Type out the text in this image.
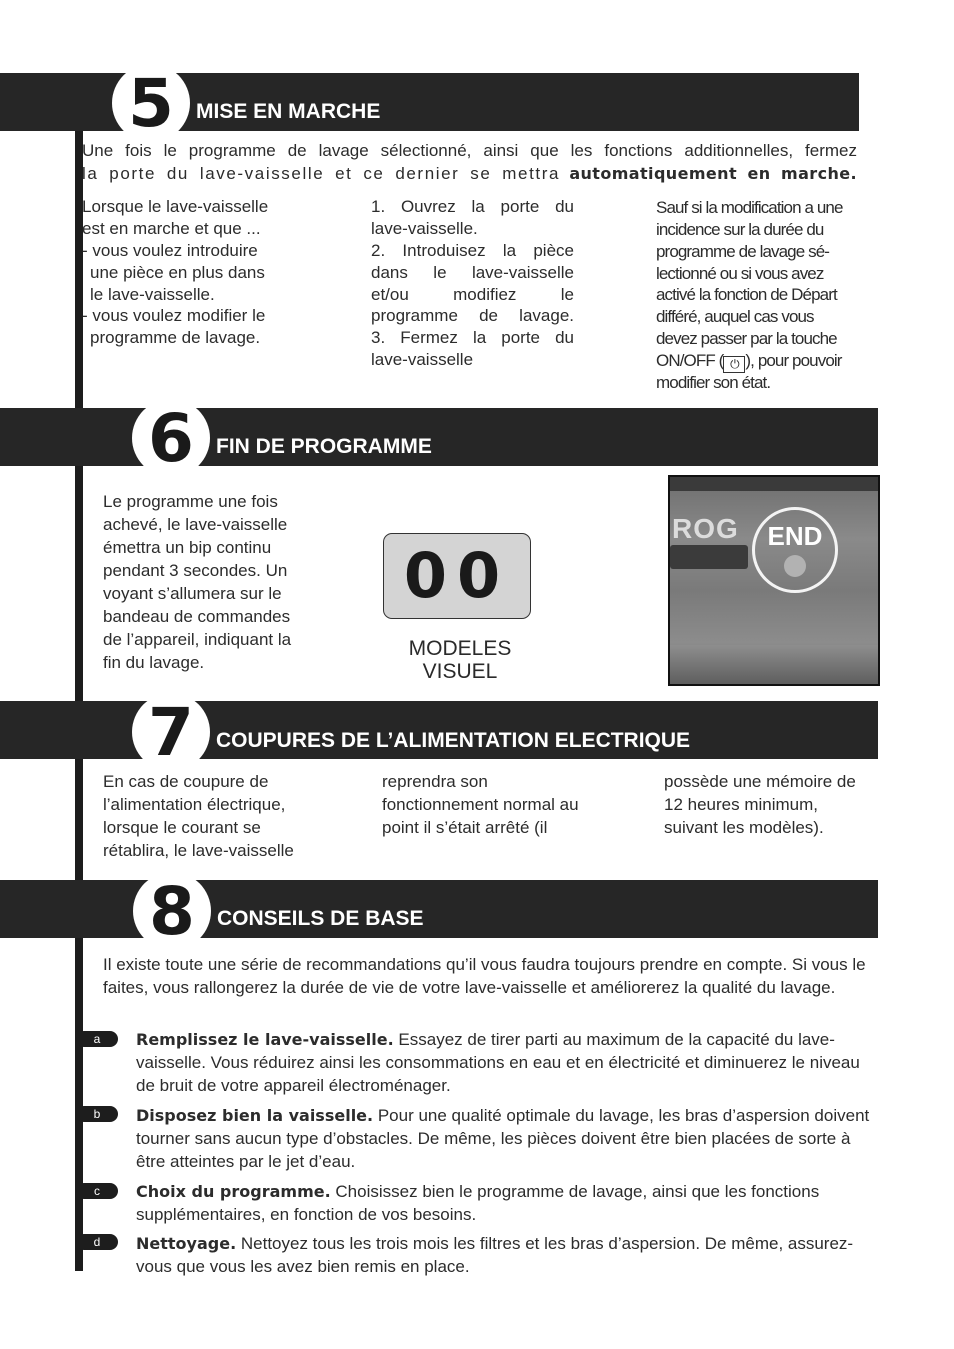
5	MISE EN MARCHE
Une fois le programme de lavage sélectionné, ainsi que les fonctions additionnelles, fermez
la porte du lave-vaisselle et ce dernier se mettra automatiquement en marche.
Lorsque le lave-vaisselle
est en marche et que ...
- vous voulez introduire
une pièce en plus dans
le lave-vaisselle.
- vous voulez modifier le
programme de lavage.
1. Ouvrez la porte du
lave-vaisselle.
2. Introduisez la pièce
dans le lave-vaisselle
et/ou modifiez le
programme de lavage.
3. Fermez la porte du
lave-vaisselle
Sauf si la modification a une
incidence sur la durée du
programme de lavage sé-
lectionné ou si vous avez
activé la fonction de Départ
différé, auquel cas vous
devez passer par la touche
ON/OFF ( ⏻ ), pour pouvoir
modifier son état.
6	FIN DE PROGRAMME
Le programme une fois
achevé, le lave-vaisselle
émettra un bip continu
pendant 3 secondes. Un
voyant s’allumera sur le
bandeau de commandes
de l’appareil, indiquant la
fin du lavage.
00
MODELES
VISUEL
ROG	END
7	COUPURES DE L’ALIMENTATION ELECTRIQUE
En cas de coupure de
l’alimentation électrique,
lorsque le courant se
rétablira, le lave-vaisselle
reprendra son
fonctionnement normal au
point il s’était arrêté (il
possède une mémoire de
12 heures minimum,
suivant les modèles).
8	CONSEILS DE BASE
Il existe toute une série de recommandations qu’il vous faudra toujours prendre en compte. Si vous le faites, vous rallongerez la durée de vie de votre lave-vaisselle et améliorerez la qualité du lavage.
a	Remplissez le lave-vaisselle. Essayez de tirer parti au maximum de la capacité du lave-vaisselle. Vous réduirez ainsi les consommations en eau et en électricité et diminuerez le niveau de bruit de votre appareil électroménager.
b	Disposez bien la vaisselle. Pour une qualité optimale du lavage, les bras d’aspersion doivent tourner sans aucun type d’obstacles. De même, les pièces doivent être bien placées de sorte à être atteintes par le jet d’eau.
c	Choix du programme. Choisissez bien le programme de lavage, ainsi que les fonctions supplémentaires, en fonction de vos besoins.
d	Nettoyage. Nettoyez tous les trois mois les filtres et les bras d’aspersion. De même, assurez-vous que vous les avez bien remis en place.
